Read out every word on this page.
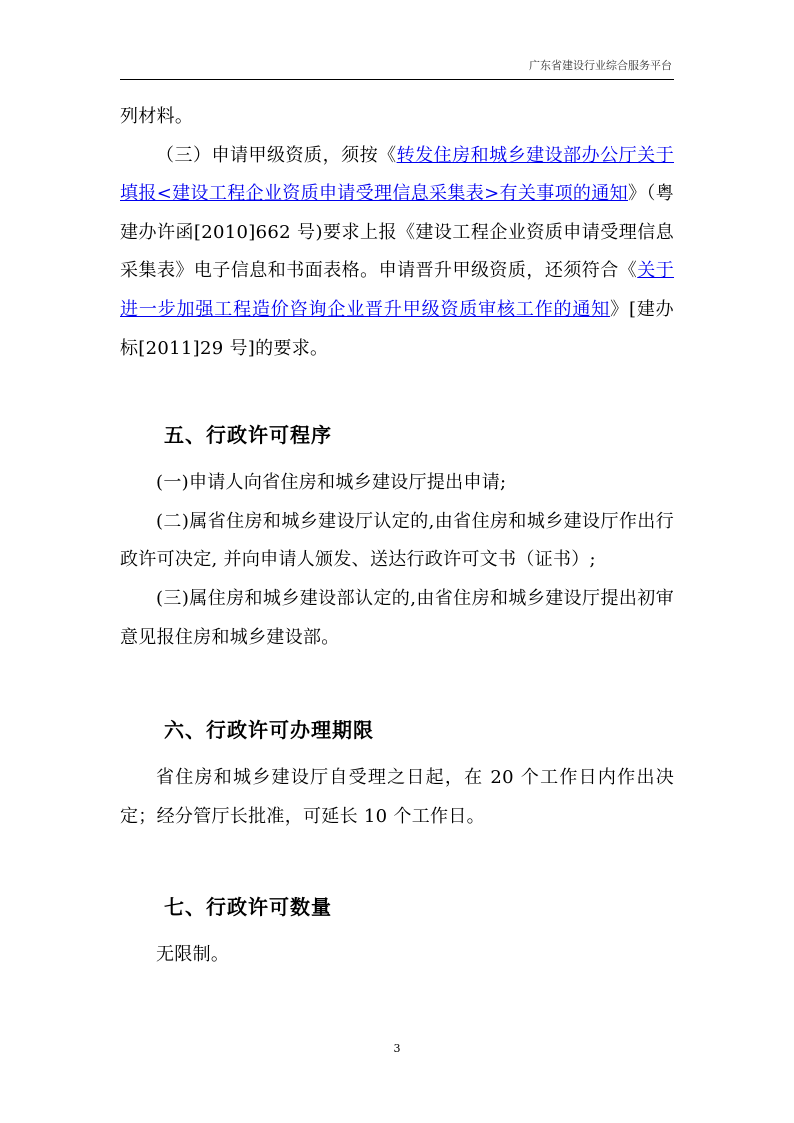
广东省建设行业综合服务平台

列材料。

（三）申请甲级资质，须按《转发住房和城乡建设部办公厅关于填报<建设工程企业资质申请受理信息采集表>有关事项的通知》（粤建办许函[2010]662 号)要求上报《建设工程企业资质申请受理信息采集表》电子信息和书面表格。申请晋升甲级资质，还须符合《关于进一步加强工程造价咨询企业晋升甲级资质审核工作的通知》[建办标[2011]29 号]的要求。

五、行政许可程序

(一)申请人向省住房和城乡建设厅提出申请;

(二)属省住房和城乡建设厅认定的,由省住房和城乡建设厅作出行政许可决定, 并向申请人颁发、送达行政许可文书（证书）;

(三)属住房和城乡建设部认定的,由省住房和城乡建设厅提出初审意见报住房和城乡建设部。

六、行政许可办理期限

省住房和城乡建设厅自受理之日起，在 20 个工作日内作出决定；经分管厅长批准，可延长 10 个工作日。

七、行政许可数量

无限制。

3
